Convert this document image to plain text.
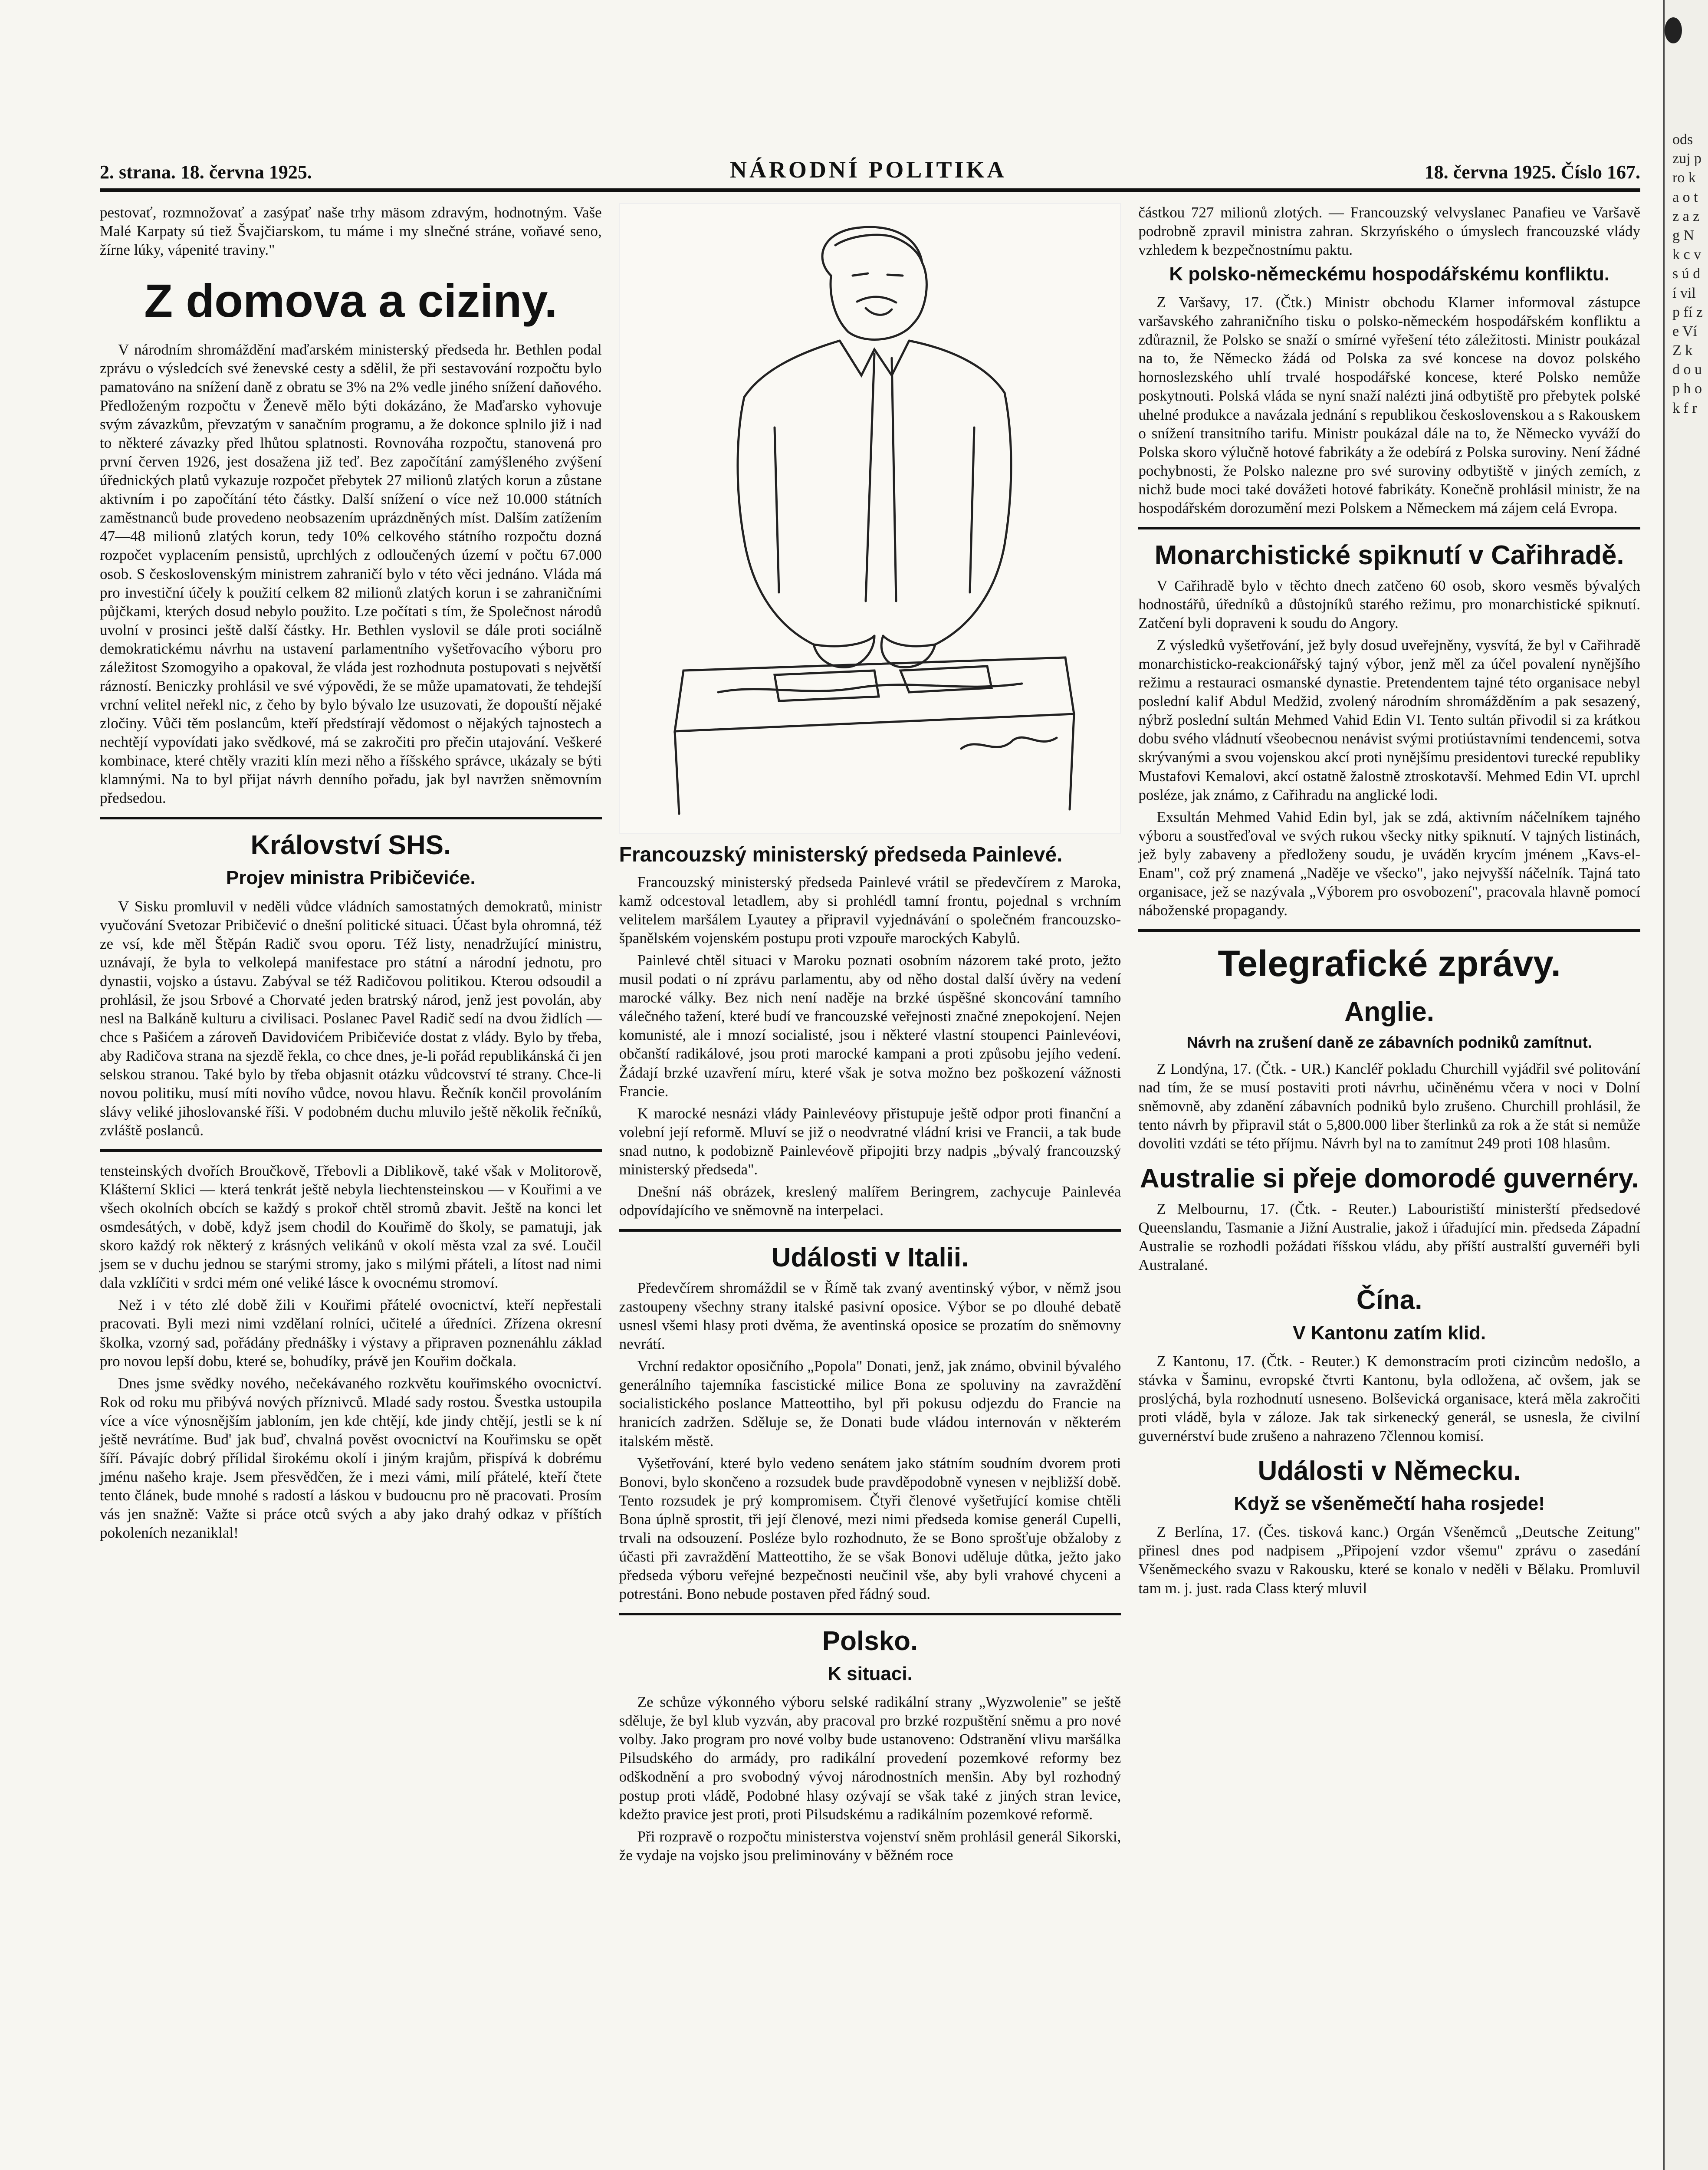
ods zuj pro k a o t z a z g N k c v s ú dí vil p fí ze Ví Z k d o u p h o k f r
2. strana. 18. června 1925.	NÁRODNÍ POLITIKA	18. června 1925. Číslo 167.

pestovať, rozmnožovať a zasýpať naše trhy mäsom zdravým, hodnotným. Vaše Malé Karpaty sú tiež Švajčiarskom, tu máme i my slnečné stráne, voňavé seno, žírne lúky, vápenité traviny."

Z domova a ciziny.

V národním shromáždění maďarském ministerský předseda hr. Bethlen podal zprávu o výsledcích své ženevské cesty a sdělil, že při sestavování rozpočtu bylo pamatováno na snížení daně z obratu se 3% na 2% vedle jiného snížení daňového. Předloženým rozpočtu v Ženevě mělo býti dokázáno, že Maďarsko vyhovuje svým závazkům, převzatým v sanačním programu, a že dokonce splnilo již i nad to některé závazky před lhůtou splatnosti. Rovnováha rozpočtu, stanovená pro první červen 1926, jest dosažena již teď. Bez započítání zamýšleného zvýšení úřednických platů vykazuje rozpočet přebytek 27 milionů zlatých korun a zůstane aktivním i po započítání této částky. Další snížení o více než 10.000 státních zaměstnanců bude provedeno neobsazením uprázdněných míst. Dalším zatížením 47—48 milionů zlatých korun, tedy 10% celkového státního rozpočtu dozná rozpočet vyplacením pensistů, uprchlých z odloučených území v počtu 67.000 osob. S československým ministrem zahraničí bylo v této věci jednáno. Vláda má pro investiční účely k použití celkem 82 milionů zlatých korun i se zahraničními půjčkami, kterých dosud nebylo použito. Lze počítati s tím, že Společnost národů uvolní v prosinci ještě další částky. Hr. Bethlen vyslovil se dále proti sociálně demokratickému návrhu na ustavení parlamentního vyšetřovacího výboru pro záležitost Szomogyiho a opakoval, že vláda jest rozhodnuta postupovati s největší rázností. Beniczky prohlásil ve své výpovědi, že se může upamatovati, že tehdejší vrchní velitel neřekl nic, z čeho by bylo bývalo lze usuzovati, že dopouští nějaké zločiny. Vůči těm poslancům, kteří předstírají vědomost o nějakých tajnostech a nechtějí vypovídati jako svědkové, má se zakročiti pro přečin utajování. Veškeré kombinace, které chtěly vraziti klín mezi něho a říšského správce, ukázaly se býti klamnými. Na to byl přijat návrh denního pořadu, jak byl navržen sněmovním předsedou.

Království SHS.
Projev ministra Pribičeviće.

V Sisku promluvil v neděli vůdce vládních samostatných demokratů, ministr vyučování Svetozar Pribičević o dnešní politické situaci. Účast byla ohromná, též ze vsí, kde měl Štěpán Radič svou oporu. Též listy, nenadržující ministru, uznávají, že byla to velkolepá manifestace pro státní a národní jednotu, pro dynastii, vojsko a ústavu. Zabýval se též Radičovou politikou. Kterou odsoudil a prohlásil, že jsou Srbové a Chorvaté jeden bratrský národ, jenž jest povolán, aby nesl na Balkáně kulturu a civilisaci. Poslanec Pavel Radič sedí na dvou židlích — chce s Pašićem a zároveň Davidovićem Pribičeviće dostat z vlády. Bylo by třeba, aby Radičova strana na sjezdě řekla, co chce dnes, je-li pořád republikánská či jen selskou stranou. Také bylo by třeba objasnit otázku vůdcovství té strany. Chce-li novou politiku, musí míti novího vůdce, novou hlavu. Řečník končil provoláním slávy veliké jihoslovanské říši. V podobném duchu mluvilo ještě několik řečníků, zvláště poslanců.

tensteinských dvořích Broučkově, Třebovli a Diblikově, také však v Molitorově, Klášterní Sklici — která tenkrát ještě nebyla liechtensteinskou — v Kouřimi a ve všech okolních obcích se každý s prokoř chtěl stromů zbavit. Ještě na konci let osmdesátých, v době, když jsem chodil do Kouřimě do školy, se pamatuji, jak skoro každý rok některý z krásných velikánů v okolí města vzal za své. Loučil jsem se v duchu jednou se starými stromy, jako s milými přáteli, a lítost nad nimi dala vzklíčiti v srdci mém oné veliké lásce k ovocnému stromoví.

Než i v této zlé době žili v Kouřimi přátelé ovocnictví, kteří nepřestali pracovati. Byli mezi nimi vzdělaní rolníci, učitelé a úředníci. Zřízena okresní školka, vzorný sad, pořádány přednášky i výstavy a připraven poznenáhlu základ pro novou lepší dobu, které se, bohudíky, právě jen Kouřim dočkala.

Dnes jsme svědky nového, nečekávaného rozkvětu kouřimského ovocnictví. Rok od roku mu přibývá nových příznivců. Mladé sady rostou. Švestka ustoupila více a více výnosnějším jabloním, jen kde chtějí, kde jindy chtějí, jestli se k ní ještě nevrátíme. Bud' jak buď, chvalná pověst ovocnictví na Kouřimsku se opět šíří. Pávajíc dobrý přílidal širokému okolí i jiným krajům, přispívá k dobrému jménu našeho kraje. Jsem přesvědčen, že i mezi vámi, milí přátelé, kteří čtete tento článek, bude mnohé s radostí a láskou v budoucnu pro ně pracovati. Prosím vás jen snažně: Važte si práce otců svých a aby jako drahý odkaz v příštích pokoleních nezaniklal!

Francouzský ministerský předseda Painlevé.

Francouzský ministerský předseda Painlevé vrátil se předevčírem z Maroka, kamž odcestoval letadlem, aby si prohlédl tamní frontu, pojednal s vrchním velitelem maršálem Lyautey a připravil vyjednávání o společném francouzsko-španělském vojenském postupu proti vzpouře marockých Kabylů.

Painlevé chtěl situaci v Maroku poznati osobním názorem také proto, ježto musil podati o ní zprávu parlamentu, aby od něho dostal další úvěry na vedení marocké války. Bez nich není naděje na brzké úspěšné skoncování tamního válečného tažení, které budí ve francouzské veřejnosti značné znepokojení. Nejen komunisté, ale i mnozí socialisté, jsou i některé vlastní stoupenci Painlevéovi, občanští radikálové, jsou proti marocké kampani a proti způsobu jejího vedení. Žádají brzké uzavření míru, které však je sotva možno bez poškození vážnosti Francie.

K marocké nesnázi vlády Painlevéovy přistupuje ještě odpor proti finanční a volební její reformě. Mluví se již o neodvratné vládní krisi ve Francii, a tak bude snad nutno, k podobizně Painlevéově připojiti brzy nadpis „bývalý francouzský ministerský předseda".

Dnešní náš obrázek, kreslený malířem Beringrem, zachycuje Painlevéa odpovídajícího ve sněmovně na interpelaci.

Události v Italii.

Předevčírem shromáždil se v Římě tak zvaný aventinský výbor, v němž jsou zastoupeny všechny strany italské pasivní oposice. Výbor se po dlouhé debatě usnesl všemi hlasy proti dvěma, že aventinská oposice se prozatím do sněmovny nevrátí.

Vrchní redaktor oposičního „Popola" Donati, jenž, jak známo, obvinil bývalého generálního tajemníka fascistické milice Bona ze spoluviny na zavraždění socialistického poslance Matteottiho, byl při pokusu odjezdu do Francie na hranicích zadržen. Sděluje se, že Donati bude vládou internován v některém italském městě.

Vyšetřování, které bylo vedeno senátem jako státním soudním dvorem proti Bonovi, bylo skončeno a rozsudek bude pravděpodobně vynesen v nejbližší době. Tento rozsudek je prý kompromisem. Čtyři členové vyšetřující komise chtěli Bona úplně sprostit, tři její členové, mezi nimi předseda komise generál Cupelli, trvali na odsouzení. Posléze bylo rozhodnuto, že se Bono sprošťuje obžaloby z účasti při zavraždění Matteottiho, že se však Bonovi uděluje důtka, ježto jako předseda výboru veřejné bezpečnosti neučinil vše, aby byli vrahové chyceni a potrestáni. Bono nebude postaven před řádný soud.

Polsko.
K situaci.

Ze schůze výkonného výboru selské radikální strany „Wyzwolenie" se ještě sděluje, že byl klub vyzván, aby pracoval pro brzké rozpuštění sněmu a pro nové volby. Jako program pro nové volby bude ustanoveno: Odstranění vlivu maršálka Pilsudského do armády, pro radikální provedení pozemkové reformy bez odškodnění a pro svobodný vývoj národnostních menšin. Aby byl rozhodný postup proti vládě, Podobné hlasy ozývají se však také z jiných stran levice, kdežto pravice jest proti, proti Pilsudskému a radikálním pozemkové reformě.

Při rozpravě o rozpočtu ministerstva vojenství sněm prohlásil generál Sikorski, že vydaje na vojsko jsou preliminovány v běžném roce

částkou 727 milionů zlotých. — Francouzský velvyslanec Panafieu ve Varšavě podrobně zpravil ministra zahran. Skrzyńského o úmyslech francouzské vlády vzhledem k bezpečnostnímu paktu.

K polsko-německému hospodářskému konfliktu.

Z Varšavy, 17. (Čtk.) Ministr obchodu Klarner informoval zástupce varšavského zahraničního tisku o polsko-německém hospodářském konfliktu a zdůraznil, že Polsko se snaží o smírné vyřešení této záležitosti. Ministr poukázal na to, že Německo žádá od Polska za své koncese na dovoz polského hornoslezského uhlí trvalé hospodářské koncese, které Polsko nemůže poskytnouti. Polská vláda se nyní snaží nalézti jiná odbytiště pro přebytek polské uhelné produkce a navázala jednání s republikou československou a s Rakouskem o snížení transitního tarifu. Ministr poukázal dále na to, že Německo vyváží do Polska skoro výlučně hotové fabrikáty a že odebírá z Polska suroviny. Není žádné pochybnosti, že Polsko nalezne pro své suroviny odbytiště v jiných zemích, z nichž bude moci také dovážeti hotové fabrikáty. Konečně prohlásil ministr, že na hospodářském dorozumění mezi Polskem a Německem má zájem celá Evropa.

Monarchistické spiknutí v Cařihradě.

V Cařihradě bylo v těchto dnech zatčeno 60 osob, skoro vesměs bývalých hodnostářů, úředníků a důstojníků starého režimu, pro monarchistické spiknutí. Zatčení byli dopraveni k soudu do Angory.

Z výsledků vyšetřování, jež byly dosud uveřejněny, vysvítá, že byl v Cařihradě monarchisticko-reakcionářský tajný výbor, jenž měl za účel povalení nynějšího režimu a restauraci osmanské dynastie. Pretendentem tajné této organisace nebyl poslední kalif Abdul Medžid, zvolený národním shromážděním a pak sesazený, nýbrž poslední sultán Mehmed Vahid Edin VI. Tento sultán přivodil si za krátkou dobu svého vládnutí všeobecnou nenávist svými protiústavními tendencemi, sotva skrývanými a svou vojenskou akcí proti nynějšímu presidentovi turecké republiky Mustafovi Kemalovi, akcí ostatně žalostně ztroskotavší. Mehmed Edin VI. uprchl posléze, jak známo, z Cařihradu na anglické lodi.

Exsultán Mehmed Vahid Edin byl, jak se zdá, aktivním náčelníkem tajného výboru a soustřeďoval ve svých rukou všecky nitky spiknutí. V tajných listinách, jež byly zabaveny a předloženy soudu, je uváděn krycím jménem „Kavs-el-Enam", což prý znamená „Naděje ve všecko", jako nejvyšší náčelník. Tajná tato organisace, jež se nazývala „Výborem pro osvobození", pracovala hlavně pomocí náboženské propagandy.

Telegrafické zprávy.
Anglie.
Návrh na zrušení daně ze zábavních podniků zamítnut.

Z Londýna, 17. (Čtk. - UR.) Kancléř pokladu Churchill vyjádřil své politování nad tím, že se musí postaviti proti návrhu, učiněnému včera v noci v Dolní sněmovně, aby zdanění zábavních podniků bylo zrušeno. Churchill prohlásil, že tento návrh by připravil stát o 5,800.000 liber šterlinků za rok a že stát si nemůže dovoliti vzdáti se této příjmu. Návrh byl na to zamítnut 249 proti 108 hlasům.

Australie si přeje domorodé guvernéry.

Z Melbournu, 17. (Čtk. - Reuter.) Labouristiští ministerští předsedové Queenslandu, Tasmanie a Jižní Australie, jakož i úřadující min. předseda Západní Australie se rozhodli požádati říšskou vládu, aby příští australští guvernéři byli Australané.

Čína.
V Kantonu zatím klid.

Z Kantonu, 17. (Čtk. - Reuter.) K demonstracím proti cizincům nedošlo, a stávka v Šaminu, evropské čtvrti Kantonu, byla odložena, ač ovšem, jak se proslýchá, byla rozhodnutí usneseno. Bolševická organisace, která měla zakročiti proti vládě, byla v záloze. Jak tak sirkenecký generál, se usnesla, že civilní guvernérství bude zrušeno a nahrazeno 7člennou komisí.

Události v Německu.
Když se všeněmečtí haha rosjede!

Z Berlína, 17. (Čes. tisková kanc.) Orgán Všeněmců „Deutsche Zeitung" přinesl dnes pod nadpisem „Připojení vzdor všemu" zprávu o zasedání Všeněmeckého svazu v Rakousku, které se konalo v neděli v Bělaku. Promluvil tam m. j. just. rada Class který mluvil
